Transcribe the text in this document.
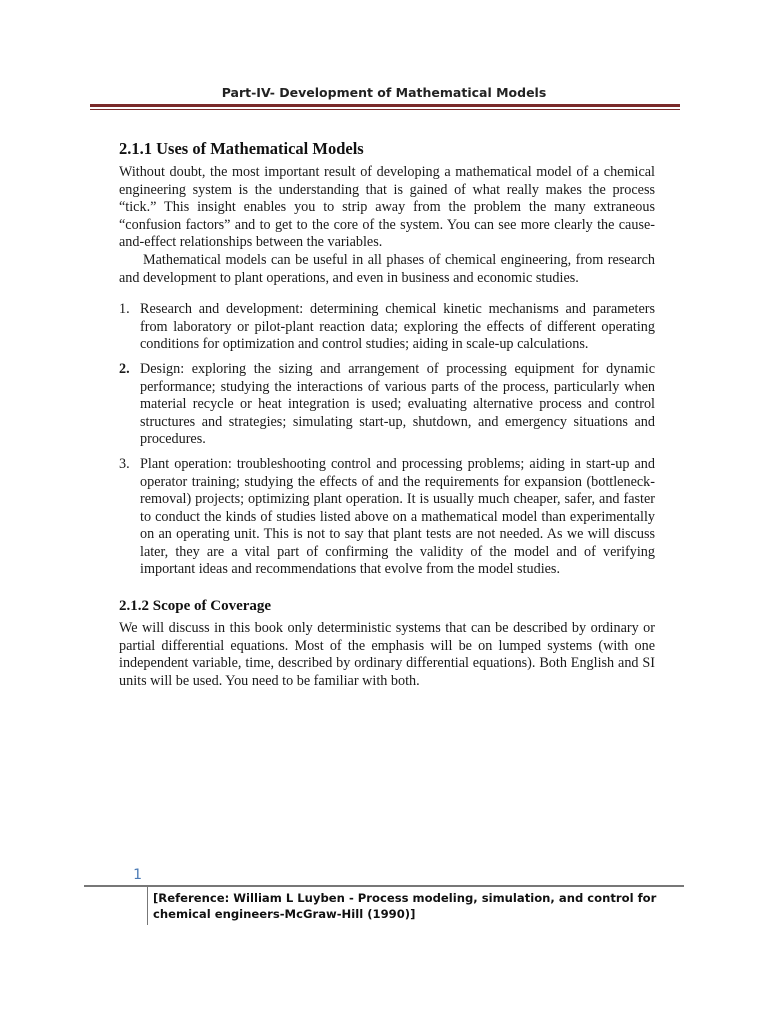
Part-IV- Development of Mathematical Models
2.1.1 Uses of Mathematical Models

Without doubt, the most important result of developing a mathematical model of a chemical engineering system is the understanding that is gained of what really makes the process “tick.” This insight enables you to strip away from the problem the many extraneous “confusion factors” and to get to the core of the system. You can see more clearly the cause-and-effect relationships between the variables.

Mathematical models can be useful in all phases of chemical engineering, from research and development to plant operations, and even in business and economic studies.

1. Research and development: determining chemical kinetic mechanisms and parameters from laboratory or pilot-plant reaction data; exploring the effects of different operating conditions for optimization and control studies; aiding in scale-up calculations.
2. Design: exploring the sizing and arrangement of processing equipment for dynamic performance; studying the interactions of various parts of the process, particularly when material recycle or heat integration is used; evaluating alternative process and control structures and strategies; simulating start-up, shutdown, and emergency situations and procedures.
3. Plant operation: troubleshooting control and processing problems; aiding in start-up and operator training; studying the effects of and the requirements for expansion (bottleneck-removal) projects; optimizing plant operation. It is usually much cheaper, safer, and faster to conduct the kinds of studies listed above on a mathematical model than experimentally on an operating unit. This is not to say that plant tests are not needed. As we will discuss later, they are a vital part of confirming the validity of the model and of verifying important ideas and recommendations that evolve from the model studies.
2.1.2 Scope of Coverage

We will discuss in this book only deterministic systems that can be described by ordinary or partial differential equations. Most of the emphasis will be on lumped systems (with one independent variable, time, described by ordinary differential equations). Both English and SI units will be used. You need to be familiar with both.

1
[Reference: William L Luyben - Process modeling, simulation, and control for chemical engineers-McGraw-Hill (1990)]
